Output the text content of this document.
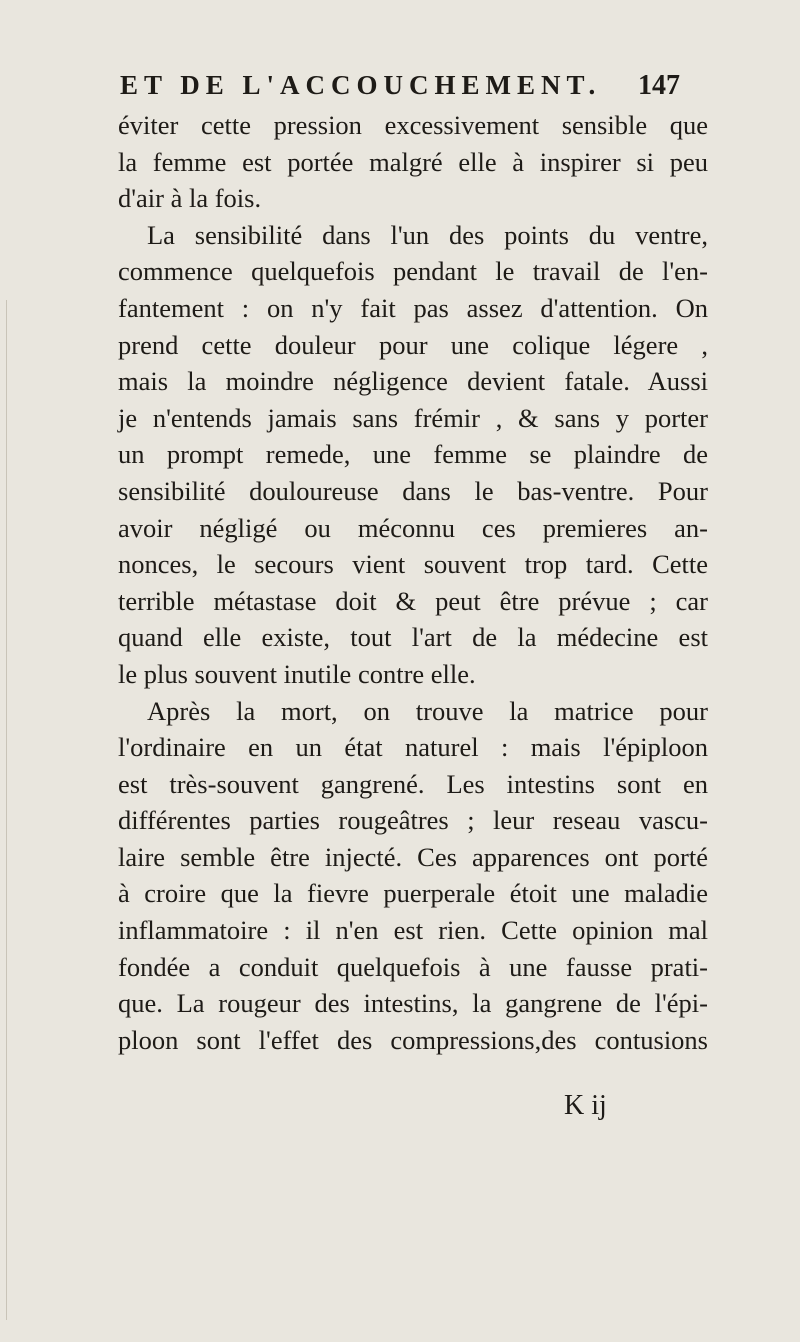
ET DE L'ACCOUCHEMENT. 147
éviter cette pressiоn excessivement sensible que
la femme est portée malgré elle à inspirer si peu
d'air à la fois.
La sensibilité dans l'un des points du ventre,
commence quelquefois pendant le travail de l'en-
fantement : on n'y fait pas assez d'attention. On
prend cette douleur pour une colique légere ,
mais la moindre négligence devient fatale. Aussi
je n'entends jamais sans frémir , & sans y porter
un prompt remede, une femme se plaindre de
sensibilité douloureuse dans le bas-ventre. Pour
avoir négligé ou méconnu ces premieres an-
nonces, le secours vient souvent trop tard. Cette
terrible métastase doit & peut être prévue ; car
quand elle existe, tout l'art de la médecine est
le plus souvent inutile contre elle.
Après la mort, on trouve la matrice pour
l'ordinaire en un état naturel : mais l'épiploon
est très-souvent gangrené. Les intestins sont en
différentes parties rougeâtres ; leur reseau vascu-
laire semble être injecté. Ces apparences ont porté
à croire que la fievre puerperale étoit une maladie
inflammatoire : il n'en est rien. Cette opinion mal
fondée a conduit quelquefois à une fausse prati-
que. La rougeur des intestins, la gangrene de l'épi-
ploon sont l'effet des compressions,des contusions
K ij
